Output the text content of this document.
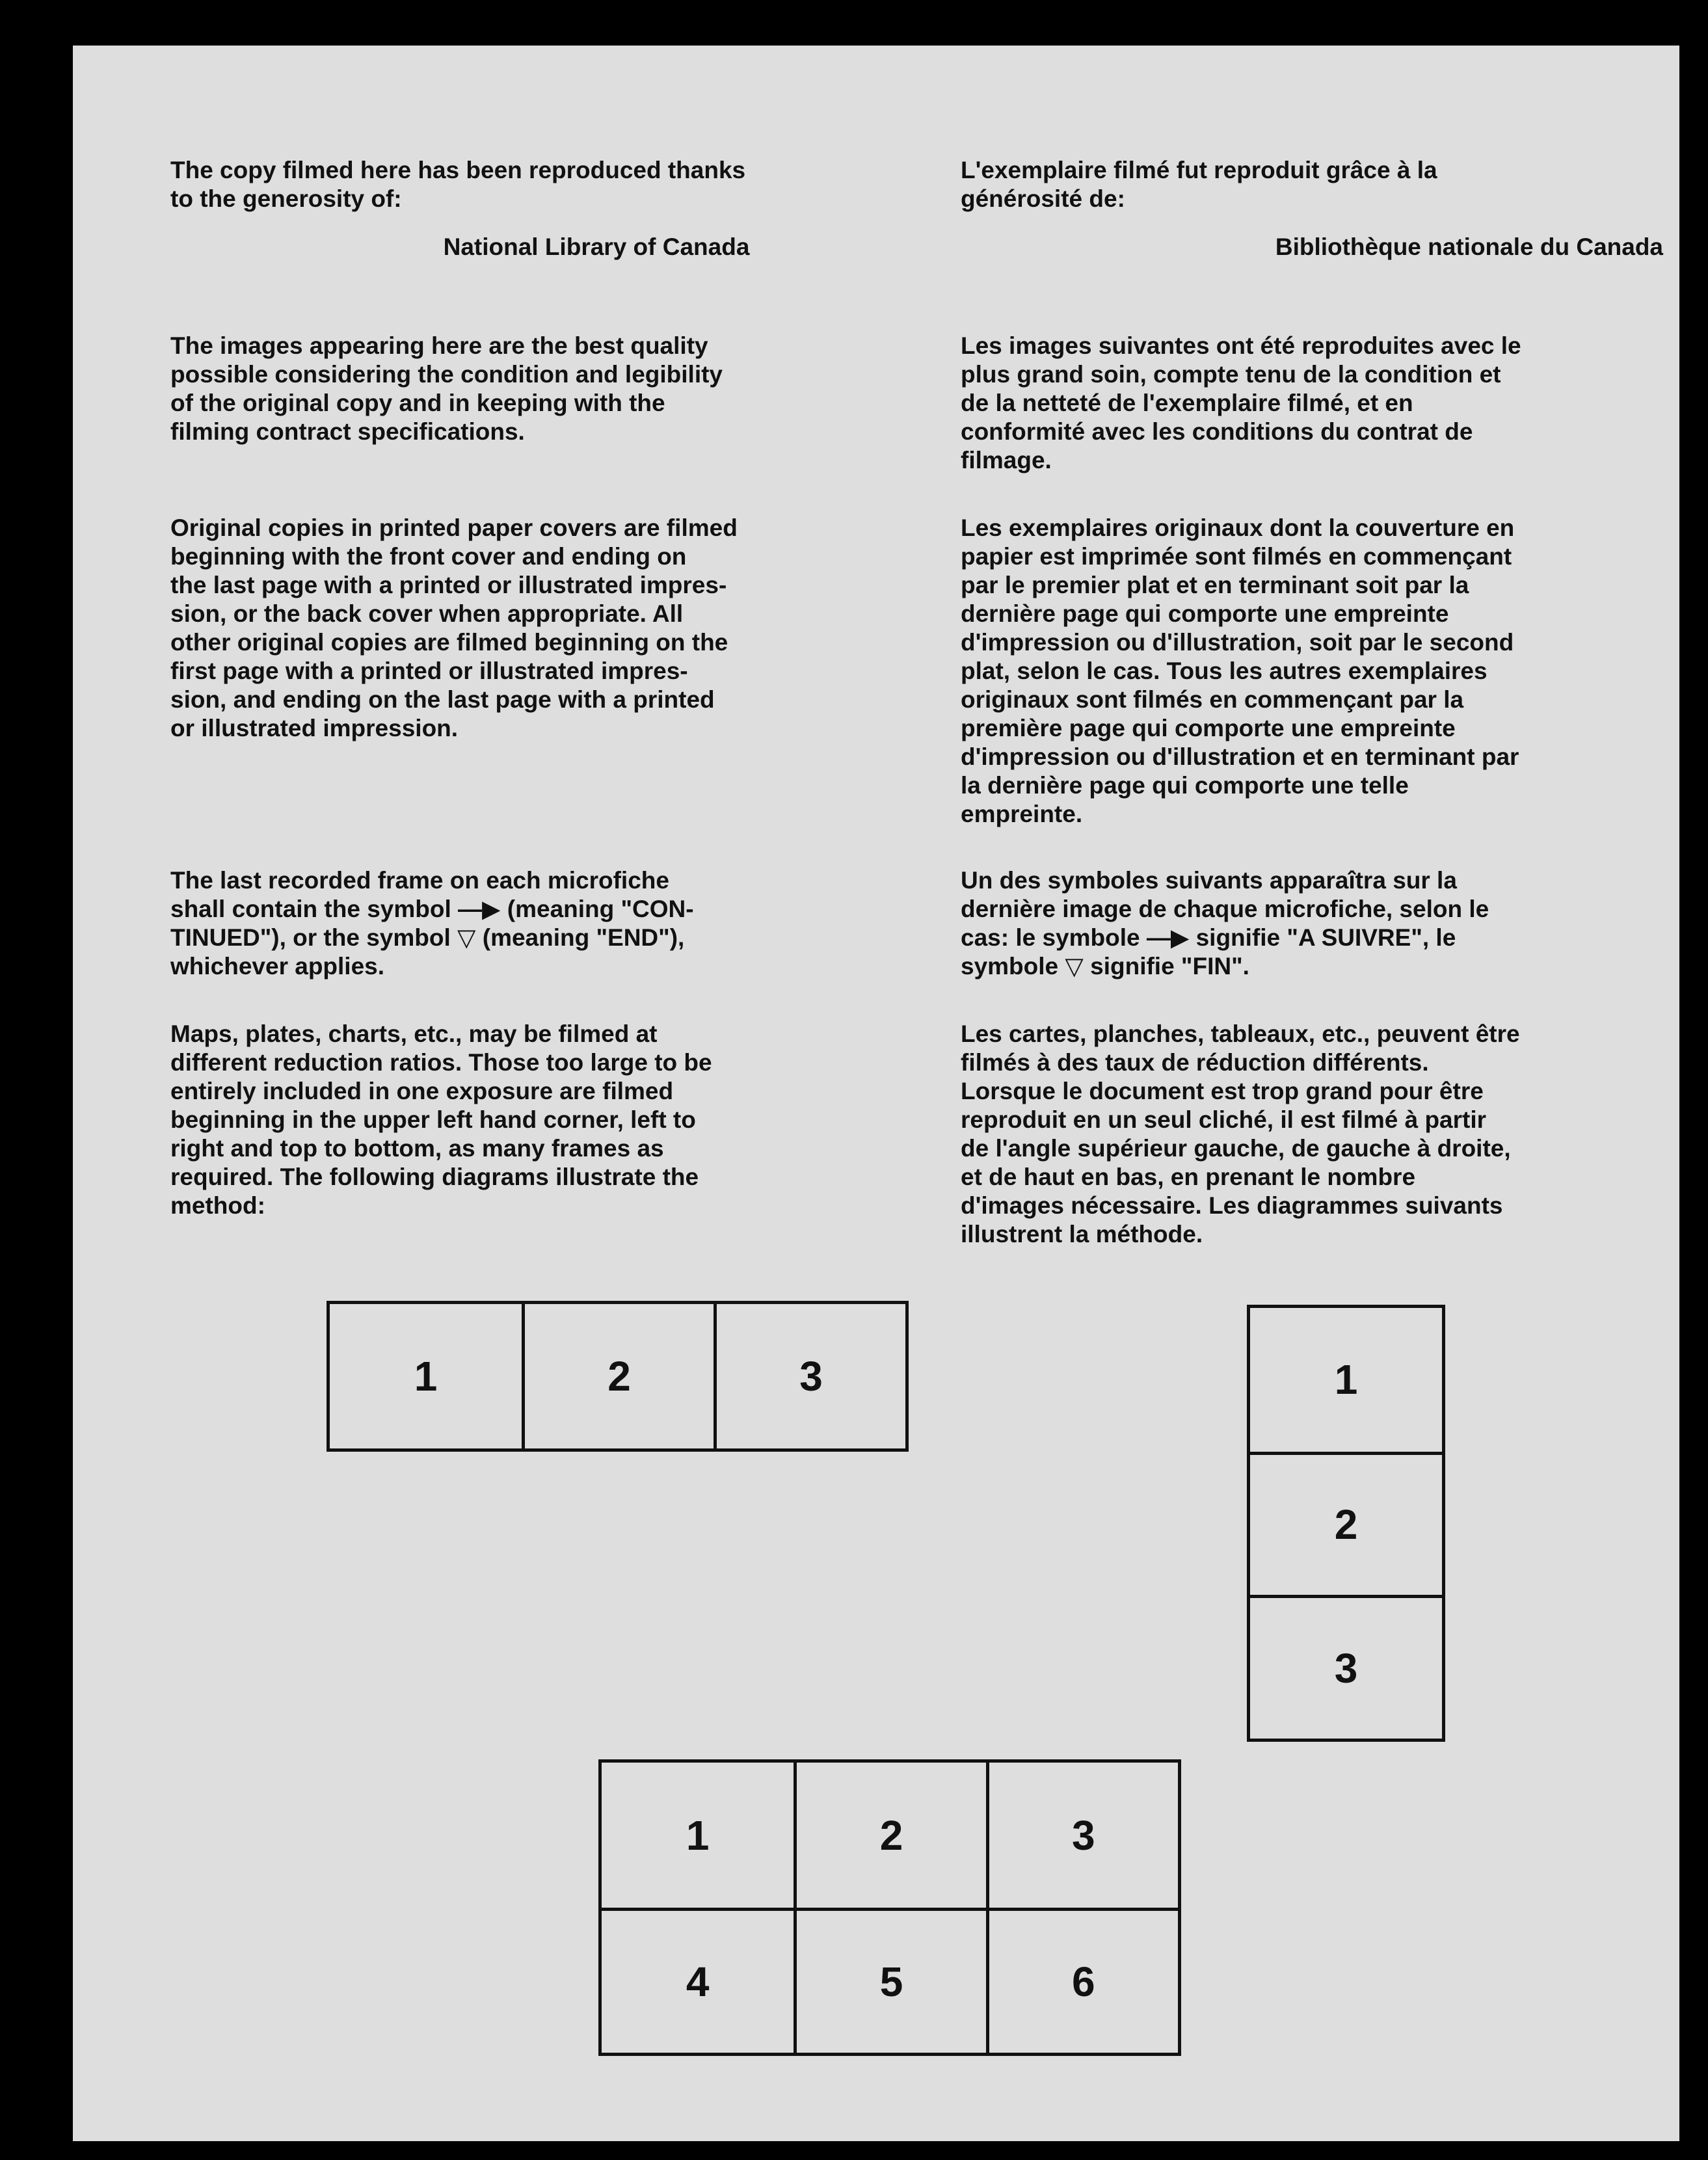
The copy filmed here has been reproduced thanks
to the generosity of:

National Library of Canada

The images appearing here are the best quality
possible considering the condition and legibility
of the original copy and in keeping with the
filming contract specifications.

Original copies in printed paper covers are filmed
beginning with the front cover and ending on
the last page with a printed or illustrated impres-
sion, or the back cover when appropriate. All
other original copies are filmed beginning on the
first page with a printed or illustrated impres-
sion, and ending on the last page with a printed
or illustrated impression.

The last recorded frame on each microfiche
shall contain the symbol —▶ (meaning "CON-
TINUED"), or the symbol ▽ (meaning "END"),
whichever applies.

Maps, plates, charts, etc., may be filmed at
different reduction ratios. Those too large to be
entirely included in one exposure are filmed
beginning in the upper left hand corner, left to
right and top to bottom, as many frames as
required. The following diagrams illustrate the
method:

L'exemplaire filmé fut reproduit grâce à la
générosité de:

Bibliothèque nationale du Canada

Les images suivantes ont été reproduites avec le
plus grand soin, compte tenu de la condition et
de la netteté de l'exemplaire filmé, et en
conformité avec les conditions du contrat de
filmage.

Les exemplaires originaux dont la couverture en
papier est imprimée sont filmés en commençant
par le premier plat et en terminant soit par la
dernière page qui comporte une empreinte
d'impression ou d'illustration, soit par le second
plat, selon le cas. Tous les autres exemplaires
originaux sont filmés en commençant par la
première page qui comporte une empreinte
d'impression ou d'illustration et en terminant par
la dernière page qui comporte une telle
empreinte.

Un des symboles suivants apparaîtra sur la
dernière image de chaque microfiche, selon le
cas: le symbole —▶ signifie "A SUIVRE", le
symbole ▽ signifie "FIN".

Les cartes, planches, tableaux, etc., peuvent être
filmés à des taux de réduction différents.
Lorsque le document est trop grand pour être
reproduit en un seul cliché, il est filmé à partir
de l'angle supérieur gauche, de gauche à droite,
et de haut en bas, en prenant le nombre
d'images nécessaire. Les diagrammes suivants
illustrent la méthode.

1	2	3	1
2
3
1	2	3
4	5	6
